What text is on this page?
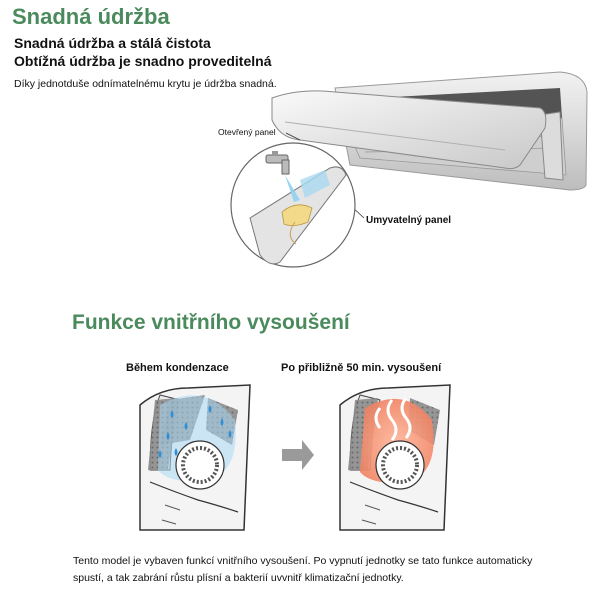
Snadná údržba
Snadná údržba a stálá čistota
Obtížná údržba je snadno proveditelná
Díky jednotduše odnímatelnému krytu je údržba snadná.
Otevřený panel
Umyvatelný panel
Funkce vnitřního vysoušení
Během kondenzace	Po přibližně 50 min. vysoušení
Tento model je vybaven funkcí vnitřního vysoušení. Po vypnutí jednotky se tato funkce automaticky spustí, a tak zabrání růstu plísní a bakterií uvvnitř klimatizační jednotky.
